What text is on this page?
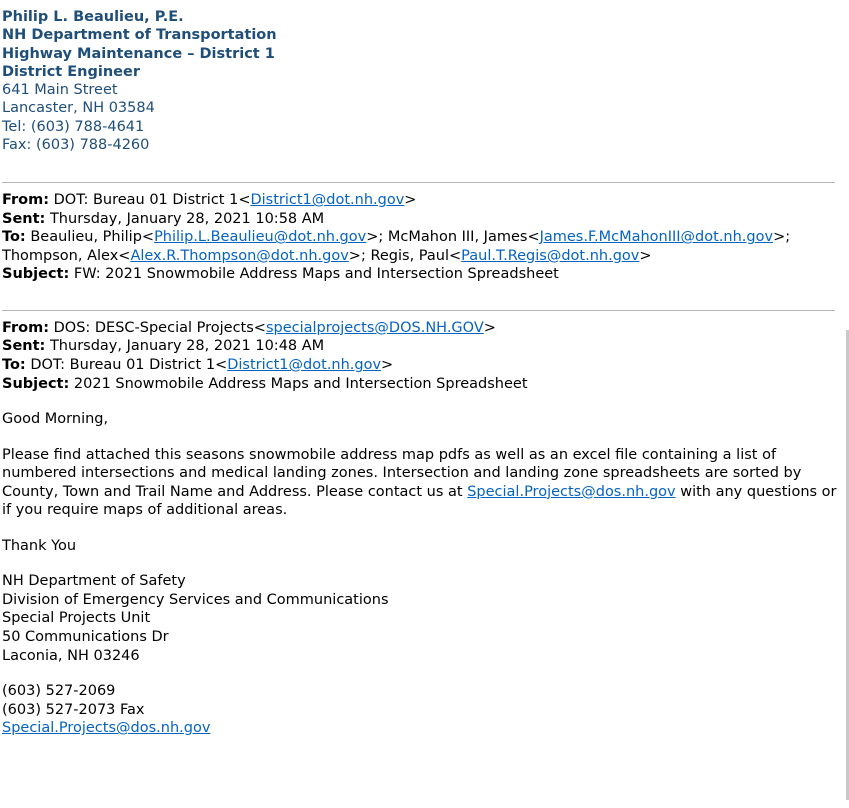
Philip L. Beaulieu, P.E.
NH Department of Transportation
Highway Maintenance – District 1
District Engineer
641 Main Street
Lancaster, NH 03584
Tel: (603) 788-4641
Fax: (603) 788-4260
From: DOT: Bureau 01 District 1<District1@dot.nh.gov>
Sent: Thursday, January 28, 2021 10:58 AM
To: Beaulieu, Philip<Philip.L.Beaulieu@dot.nh.gov>; McMahon III, James<James.F.McMahonIII@dot.nh.gov>; Thompson, Alex<Alex.R.Thompson@dot.nh.gov>; Regis, Paul<Paul.T.Regis@dot.nh.gov>
Subject: FW: 2021 Snowmobile Address Maps and Intersection Spreadsheet
From: DOS: DESC-Special Projects<specialprojects@DOS.NH.GOV>
Sent: Thursday, January 28, 2021 10:48 AM
To: DOT: Bureau 01 District 1<District1@dot.nh.gov>
Subject: 2021 Snowmobile Address Maps and Intersection Spreadsheet

Good Morning,

Please find attached this seasons snowmobile address map pdfs as well as an excel file containing a list of numbered intersections and medical landing zones. Intersection and landing zone spreadsheets are sorted by County, Town and Trail Name and Address. Please contact us at Special.Projects@dos.nh.gov with any questions or if you require maps of additional areas.

Thank You

NH Department of Safety

Division of Emergency Services and Communications

Special Projects Unit

50 Communications Dr

Laconia, NH 03246

(603) 527-2069

(603) 527-2073 Fax

Special.Projects@dos.nh.gov
